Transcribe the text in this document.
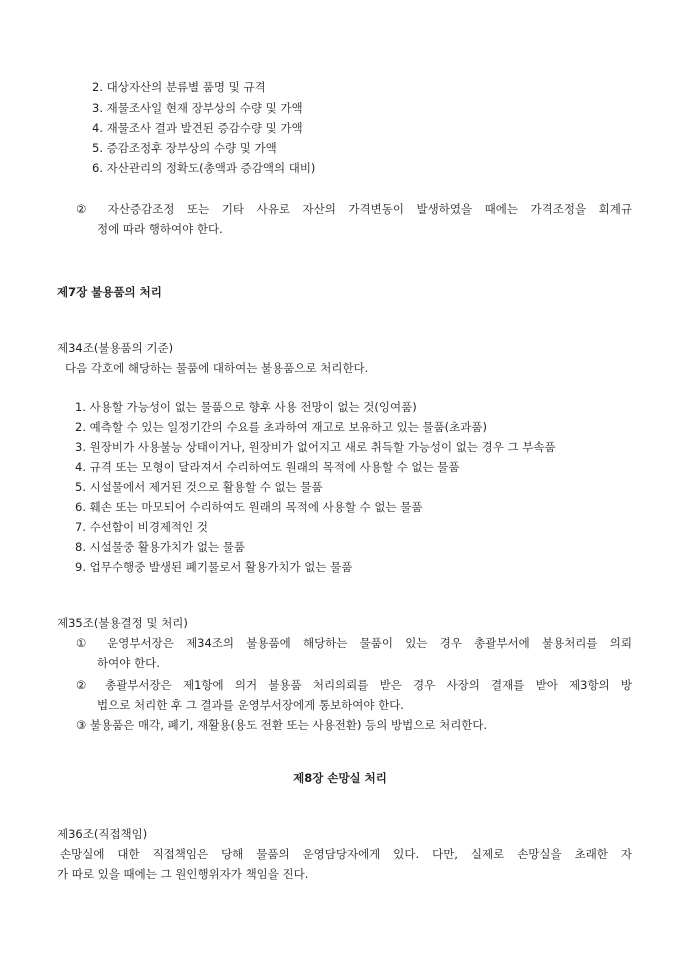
2. 대상자산의 분류별 품명 및 규격
3. 재물조사일 현재 장부상의 수량 및 가액
4. 재물조사 결과 발견된 증감수량 및 가액
5. 증감조정후 장부상의 수량 및 가액
6. 자산관리의 정확도(총액과 증감액의 대비)
② 자산증감조정 또는 기타 사유로 자산의 가격변동이 발생하였을 때에는 가격조정을 회계규
정에 따라 행하여야 한다.
제7장 불용품의 처리
제34조(불용품의 기준)
다음 각호에 해당하는 물품에 대하여는 불용품으로 처리한다.
1. 사용할 가능성이 없는 물품으로 향후 사용 전망이 없는 것(잉여품)
2. 예측할 수 있는 일정기간의 수요를 초과하여 재고로 보유하고 있는 물품(초과품)
3. 원장비가 사용불능 상태이거나, 원장비가 없어지고 새로 취득할 가능성이 없는 경우 그 부속품
4. 규격 또는 모형이 달라져서 수리하여도 원래의 목적에 사용할 수 없는 물품
5. 시설물에서 제거된 것으로 활용할 수 없는 물품
6. 훼손 또는 마모되어 수리하여도 원래의 목적에 사용할 수 없는 물품
7. 수선함이 비경제적인 것
8. 시설물중 활용가치가 없는 물품
9. 업무수행중 발생된 폐기물로서 활용가치가 없는 물품
제35조(불용결정 및 처리)
① 운영부서장은 제34조의 불용품에 해당하는 물품이 있는 경우 총괄부서에 불용처리를 의뢰
하여야 한다.
② 총괄부서장은 제1항에 의거 불용품 처리의뢰를 받은 경우 사장의 결재를 받아 제3항의 방
법으로 처리한 후 그 결과를 운영부서장에게 통보하여야 한다.
③ 불용품은 매각, 폐기, 재활용(용도 전환 또는 사용전환) 등의 방법으로 처리한다.
제8장 손망실 처리
제36조(직접책임)
손망실에 대한 직접책임은 당해 물품의 운영담당자에게 있다. 다만, 실제로 손망실을 초래한 자
가 따로 있을 때에는 그 원인행위자가 책임을 진다.
